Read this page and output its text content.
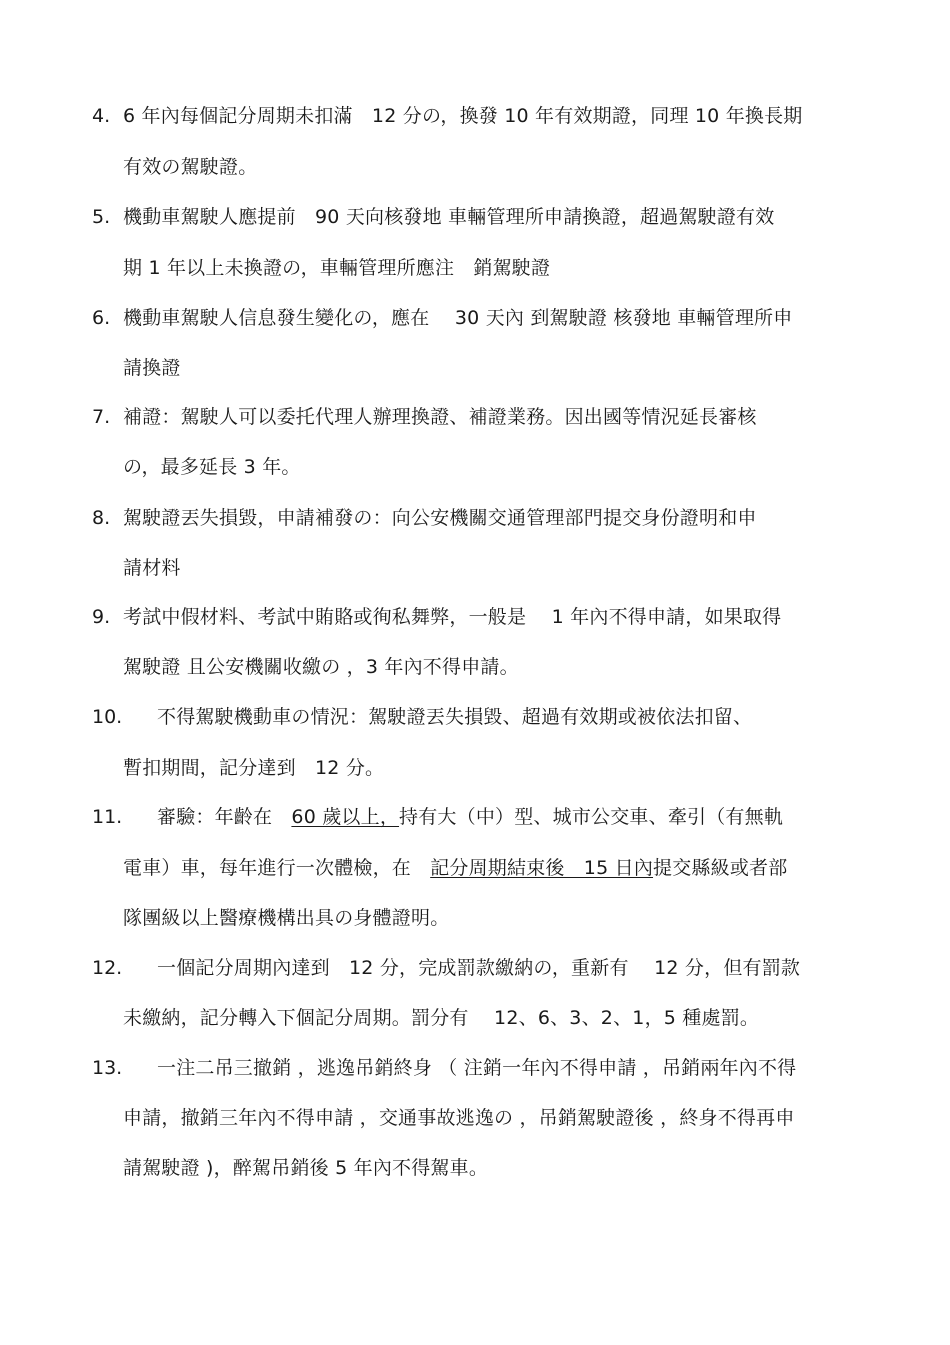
4. 6 年內每個記分周期未扣滿　12 分の，換發 10 年有效期證，同理 10 年換長期
有效の駕駛證。
5. 機動車駕駛人應提前　90 天向核發地 車輛管理所申請換證，超過駕駛證有效
期 1 年以上未換證の，車輛管理所應注　銷駕駛證
6. 機動車駕駛人信息發生變化の，應在　 30 天內 到駕駛證 核發地 車輛管理所申
請換證
7. 補證：駕駛人可以委托代理人辦理換證、補證業務。因出國等情況延長審核
の，最多延長 3 年。
8. 駕駛證丟失損毀，申請補發の：向公安機關交通管理部門提交身份證明和申
請材料
9. 考試中假材料、考試中賄賂或徇私舞弊，一般是　 1 年內不得申請，如果取得
駕駛證 且公安機關收繳の ，3 年內不得申請。
10. 不得駕駛機動車の情況：駕駛證丟失損毀、超過有效期或被依法扣留、
暫扣期間，記分達到　12 分。
11. 審驗：年齡在　60 歲以上，持有大（中）型、城市公交車、牽引（有無軌
電車）車，每年進行一次體檢，在　記分周期結束後　15 日內提交縣級或者部
隊團級以上醫療機構出具の身體證明。
12. 一個記分周期內達到　12 分，完成罰款繳納の，重新有　 12 分，但有罰款
未繳納，記分轉入下個記分周期。罰分有　 12、6、3、2、1，5 種處罰。
13. 一注二吊三撤銷 ，逃逸吊銷終身 （ 注銷一年內不得申請 ，吊銷兩年內不得
申請，撤銷三年內不得申請 ，交通事故逃逸の ，吊銷駕駛證後 ，終身不得再申
請駕駛證 )，醉駕吊銷後 5 年內不得駕車。
